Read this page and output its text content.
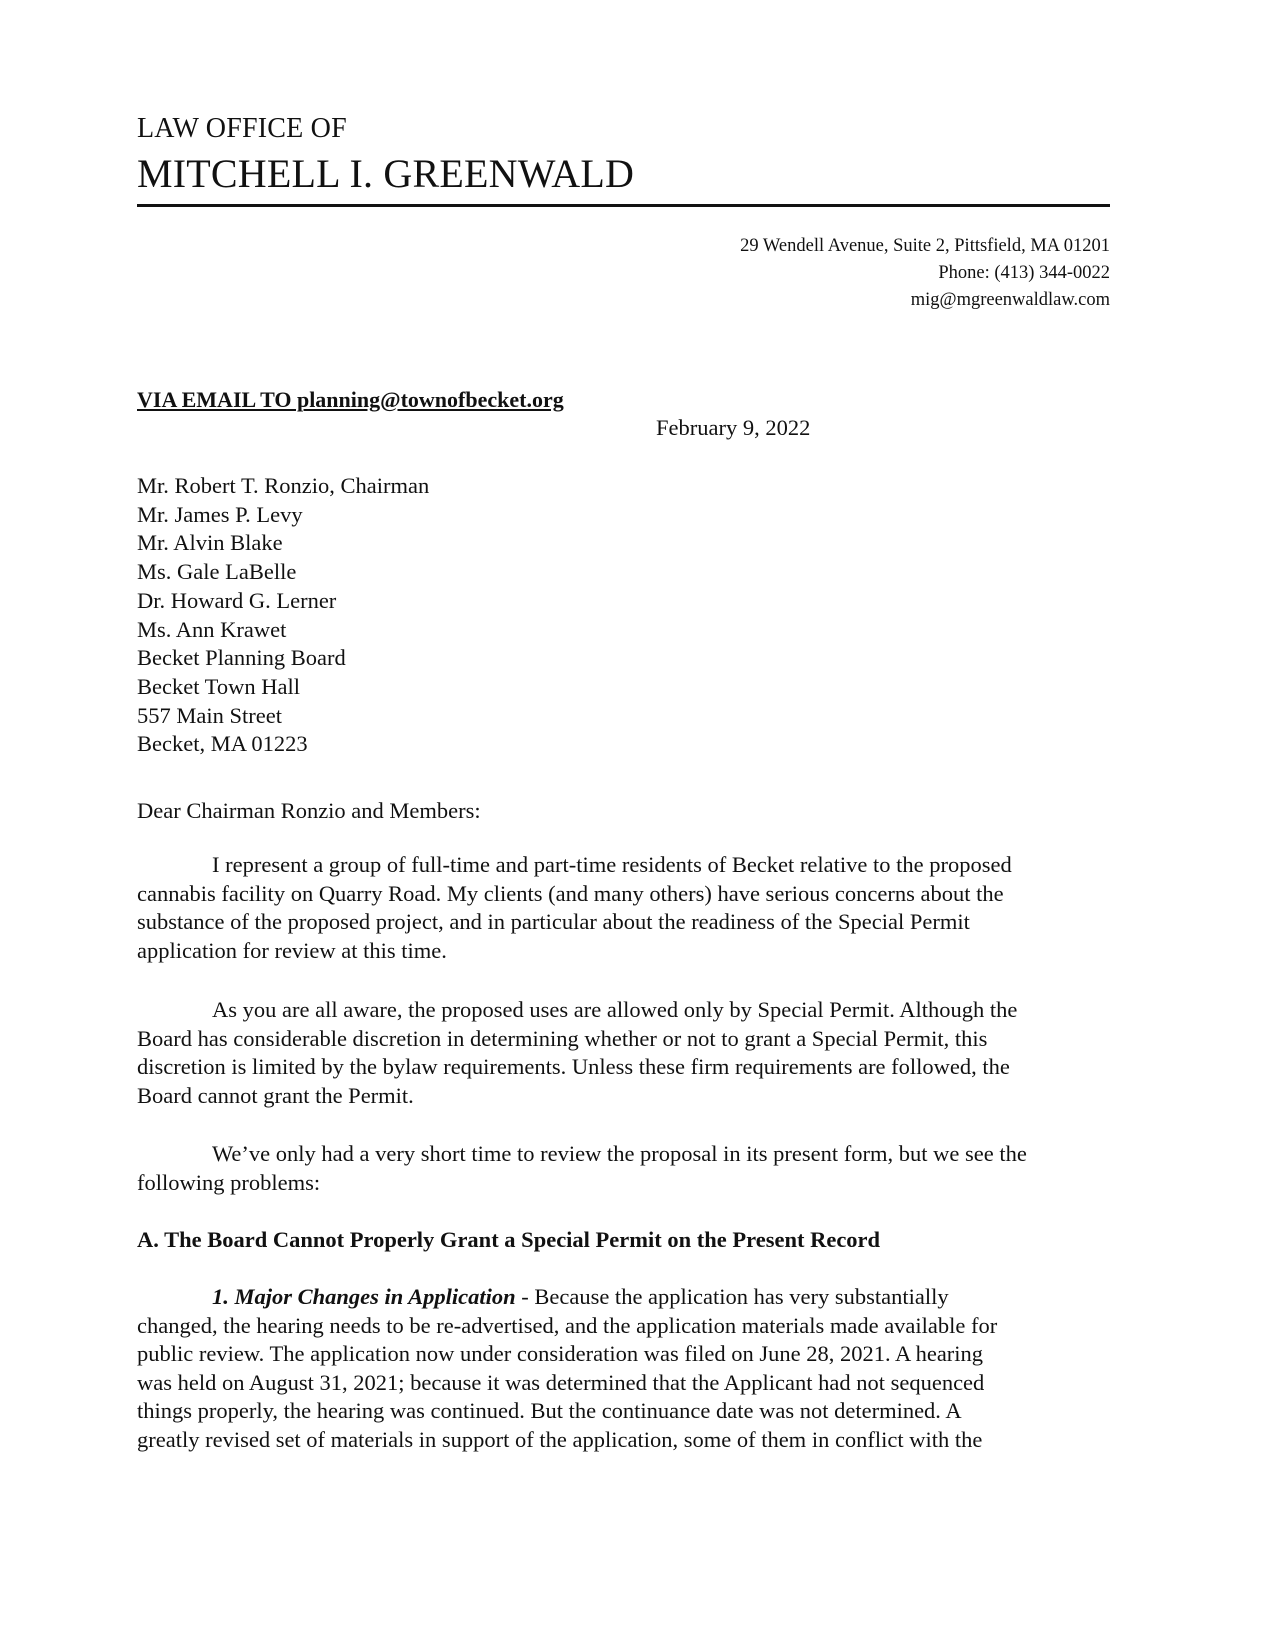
LAW OFFICE OF
MITCHELL I. GREENWALD
29 Wendell Avenue, Suite 2, Pittsfield, MA 01201
Phone: (413) 344-0022
mig@mgreenwaldlaw.com
VIA EMAIL TO planning@townofbecket.org
February 9, 2022
Mr. Robert T. Ronzio, Chairman
Mr. James P. Levy
Mr. Alvin Blake
Ms. Gale LaBelle
Dr. Howard G. Lerner
Ms. Ann Krawet
Becket Planning Board
Becket Town Hall
557 Main Street
Becket, MA 01223
Dear Chairman Ronzio and Members:
I represent a group of full-time and part-time residents of Becket relative to the proposed
cannabis facility on Quarry Road. My clients (and many others) have serious concerns about the
substance of the proposed project, and in particular about the readiness of the Special Permit
application for review at this time.
As you are all aware, the proposed uses are allowed only by Special Permit. Although the
Board has considerable discretion in determining whether or not to grant a Special Permit, this
discretion is limited by the bylaw requirements. Unless these firm requirements are followed, the
Board cannot grant the Permit.
We’ve only had a very short time to review the proposal in its present form, but we see the
following problems:
A. The Board Cannot Properly Grant a Special Permit on the Present Record
1. Major Changes in Application - Because the application has very substantially
changed, the hearing needs to be re-advertised, and the application materials made available for
public review. The application now under consideration was filed on June 28, 2021. A hearing
was held on August 31, 2021; because it was determined that the Applicant had not sequenced
things properly, the hearing was continued. But the continuance date was not determined. A
greatly revised set of materials in support of the application, some of them in conflict with the
